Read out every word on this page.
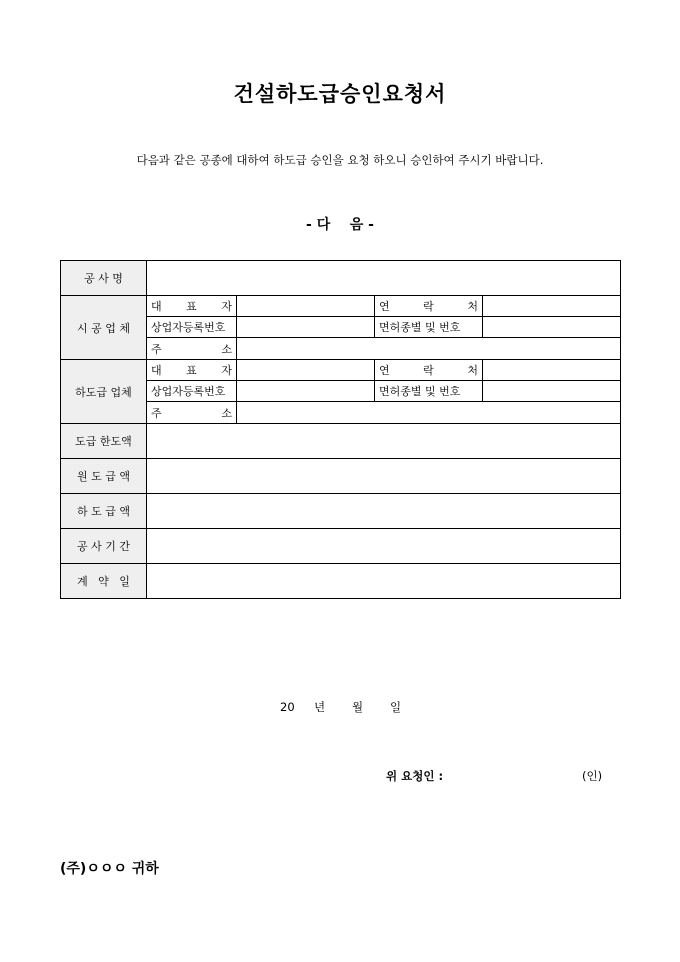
건설하도급승인요청서
다음과 같은 공종에 대하여 하도급 승인을 요청 하오니 승인하여 주시기 바랍니다.
- 다    음 -
공 사 명				
시 공 업 체	대 표 자		연 락 처	

	상업자등록번호		면허종별 및 번호	

	주 소			

하도급 업체	대 표 자		연 락 처	

	상업자등록번호		면허종별 및 번호	

	주 소			

도급 한도액				
원 도 급 액				
하 도 급 액				
공 사 기 간				
계   약   일				
20 년 월 일
위 요청인 :	(인)
(주)ㅇㅇㅇ 귀하
